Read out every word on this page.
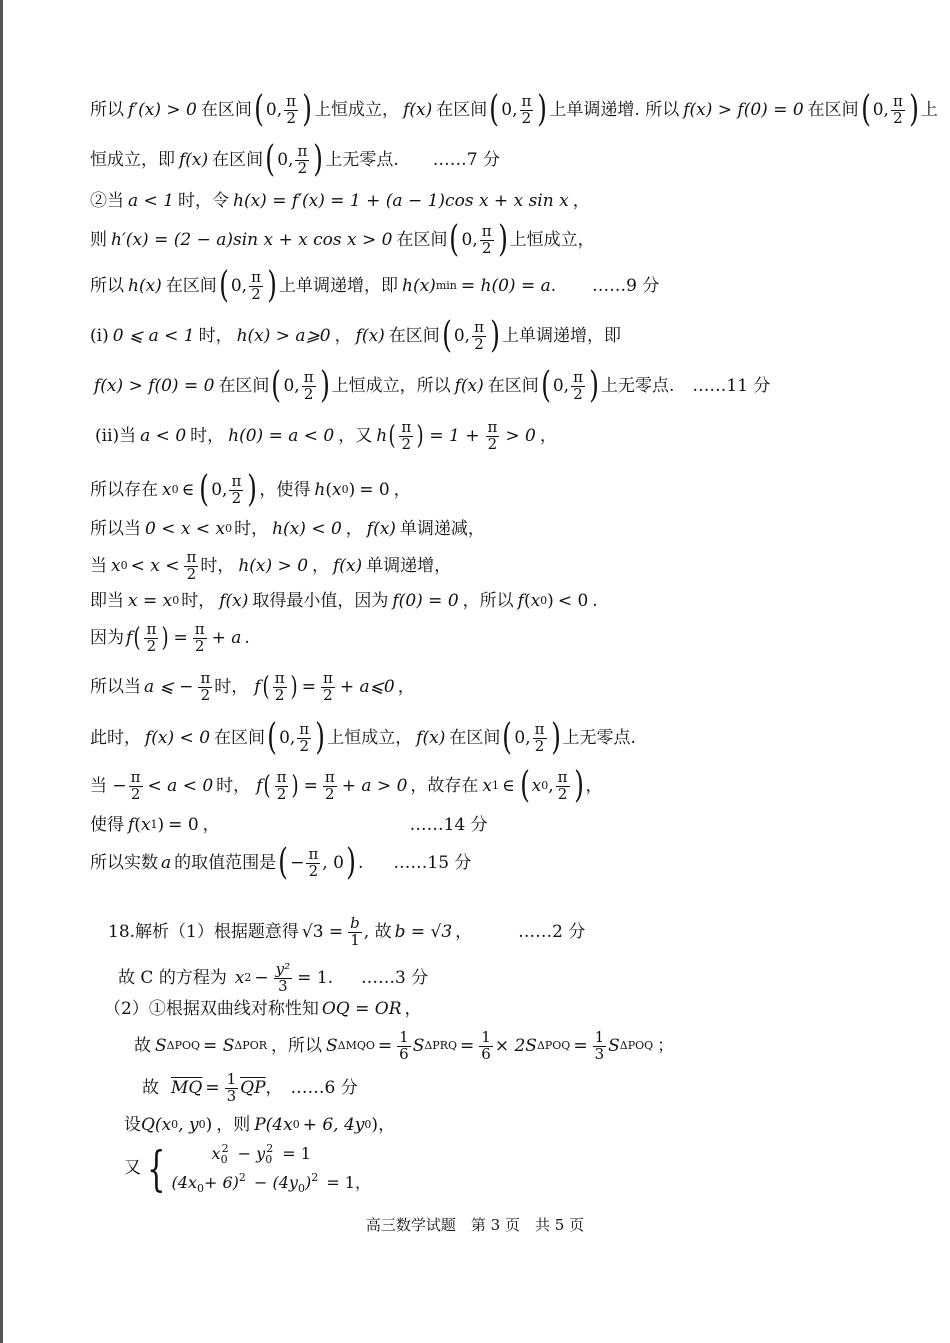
所以 f′(x) > 0 在区间 ( 0, $\frac{\pi}{2}$ ) 上恒成立， f(x) 在区间 ( 0, $\frac{\pi}{2}$ ) 上单调递增. 所以 f(x) > f(0) = 0 在区间 ( 0, $\frac{\pi}{2}$ ) 上
恒成立，即 f(x) 在区间 ( 0, $\frac{\pi}{2}$ ) 上无零点. ……7 分
②当 a < 1 时，令 h(x) = f′(x) = 1 + (a − 1)cos x + x sin x ，
则 h′(x) = (2 − a)sin x + x cos x > 0 在区间 ( 0, $\frac{\pi}{2}$ ) 上恒成立，
所以 h(x) 在区间 ( 0, $\frac{\pi}{2}$ ) 上单调递增，即 h(x) min = h(0) = a . ……9 分
(i) 0 ⩽ a < 1 时， h(x) > a⩾0 ， f(x) 在区间 ( 0, $\frac{\pi}{2}$ ) 上单调递增，即
f(x) > f(0) = 0 在区间 ( 0, $\frac{\pi}{2}$ ) 上恒成立，所以 f(x) 在区间 ( 0, $\frac{\pi}{2}$ ) 上无零点. ……11 分
(ii)当 a < 0 时， h(0) = a < 0 ，又 h ( $\frac{\pi}{2}$ ) = $1 + \frac{\pi}{2} > 0$ ，
所以存在 x 0 ∈ ( 0, $\frac{\pi}{2}$ ) ，使得 h ( x 0 ) = 0 ，
所以当 0 < x < x 0 时， h(x) < 0 ， f(x) 单调递减，
当 x $0 < x < \frac{\pi}{2}$ 时， h(x) > 0 ， f(x) 单调递增，
即当 x = x 0 时， f(x) 取得最小值，因为 f(0) = 0 ，所以 f ( x 0 ) < 0 .
因为 f ( $\frac{\pi}{2}$ ) = $\frac{\pi}{2} + a$ .
所以当 a ⩽ − $\frac{\pi}{2}$ 时， f ( $\frac{\pi}{2}$ ) = $\frac{\pi}{2}$ + a⩽0 ，
此时， f(x) < 0 在区间 ( 0, $\frac{\pi}{2}$ ) 上恒成立， f(x) 在区间 ( 0, $\frac{\pi}{2}$ ) 上无零点.
当 − $\frac{\pi}{2} < a < 0$ 时， f ( $\frac{\pi}{2}$ ) = $\frac{\pi}{2} + a > 0$ ，故存在 x 1 ∈ ( x 0 , $\frac{\pi}{2}$ ) ，
使得 f ( x 1 ) = 0 ，	……14 分
所以实数 a 的取值范围是 ( − $\frac{\pi}{2}$ , 0 ) . ……15 分
18.解析（1）根据题意得 $√3 = \frac{b}{1}$ , 故 b = √3 ，	……2 分
故 C 的方程为 x $2 - \frac{\text{y²}}{3} = 1$. ……3 分
（2）①根据双曲线对称性知 OQ = OR ，
故 S ΔPOQ = S ΔPOR ，所以 S $\Delta MQO = \frac{1}{6}$ S $\Delta PRQ = \frac{1}{6} \times 2S$ $\Delta POQ = \frac{1}{3}$ S ΔPOQ ；
故 $\overline{MQ} = \frac{1}{3} \overline{QP}$ ， ……6 分
设 Q(x 0 , y 0 ) ，则 P(4x 0 + 6, 4y 0 ) ，
又 {	$x_0^2 - y_0^2 = 1$
$(4x_0+ 6)^2 - (4y_0)^2 = 1$，
高三数学试题　第 3 页　共 5 页
